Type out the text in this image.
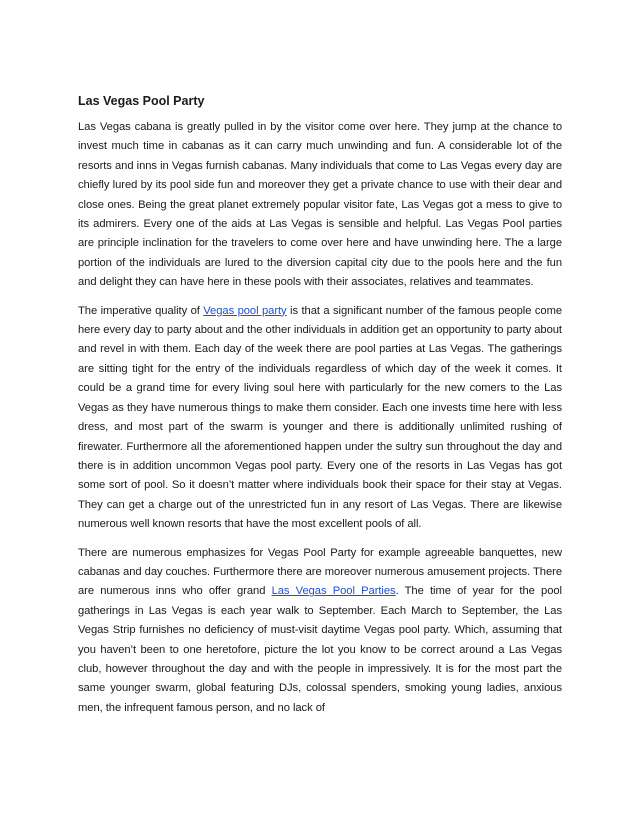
Las Vegas Pool Party

Las Vegas cabana is greatly pulled in by the visitor come over here. They jump at the chance to invest much time in cabanas as it can carry much unwinding and fun. A considerable lot of the resorts and inns in Vegas furnish cabanas. Many individuals that come to Las Vegas every day are chiefly lured by its pool side fun and moreover they get a private chance to use with their dear and close ones. Being the great planet extremely popular visitor fate, Las Vegas got a mess to give to its admirers. Every one of the aids at Las Vegas is sensible and helpful. Las Vegas Pool parties are principle inclination for the travelers to come over here and have unwinding here. The a large portion of the individuals are lured to the diversion capital city due to the pools here and the fun and delight they can have here in these pools with their associates, relatives and teammates.

The imperative quality of Vegas pool party is that a significant number of the famous people come here every day to party about and the other individuals in addition get an opportunity to party about and revel in with them. Each day of the week there are pool parties at Las Vegas. The gatherings are sitting tight for the entry of the individuals regardless of which day of the week it comes. It could be a grand time for every living soul here with particularly for the new comers to the Las Vegas as they have numerous things to make them consider. Each one invests time here with less dress, and most part of the swarm is younger and there is additionally unlimited rushing of firewater. Furthermore all the aforementioned happen under the sultry sun throughout the day and there is in addition uncommon Vegas pool party. Every one of the resorts in Las Vegas has got some sort of pool. So it doesn’t matter where individuals book their space for their stay at Vegas. They can get a charge out of the unrestricted fun in any resort of Las Vegas. There are likewise numerous well known resorts that have the most excellent pools of all.

There are numerous emphasizes for Vegas Pool Party for example agreeable banquettes, new cabanas and day couches. Furthermore there are moreover numerous amusement projects. There are numerous inns who offer grand Las Vegas Pool Parties. The time of year for the pool gatherings in Las Vegas is each year walk to September. Each March to September, the Las Vegas Strip furnishes no deficiency of must-visit daytime Vegas pool party. Which, assuming that you haven’t been to one heretofore, picture the lot you know to be correct around a Las Vegas club, however throughout the day and with the people in impressively. It is for the most part the same younger swarm, global featuring DJs, colossal spenders, smoking young ladies, anxious men, the infrequent famous person, and no lack of
